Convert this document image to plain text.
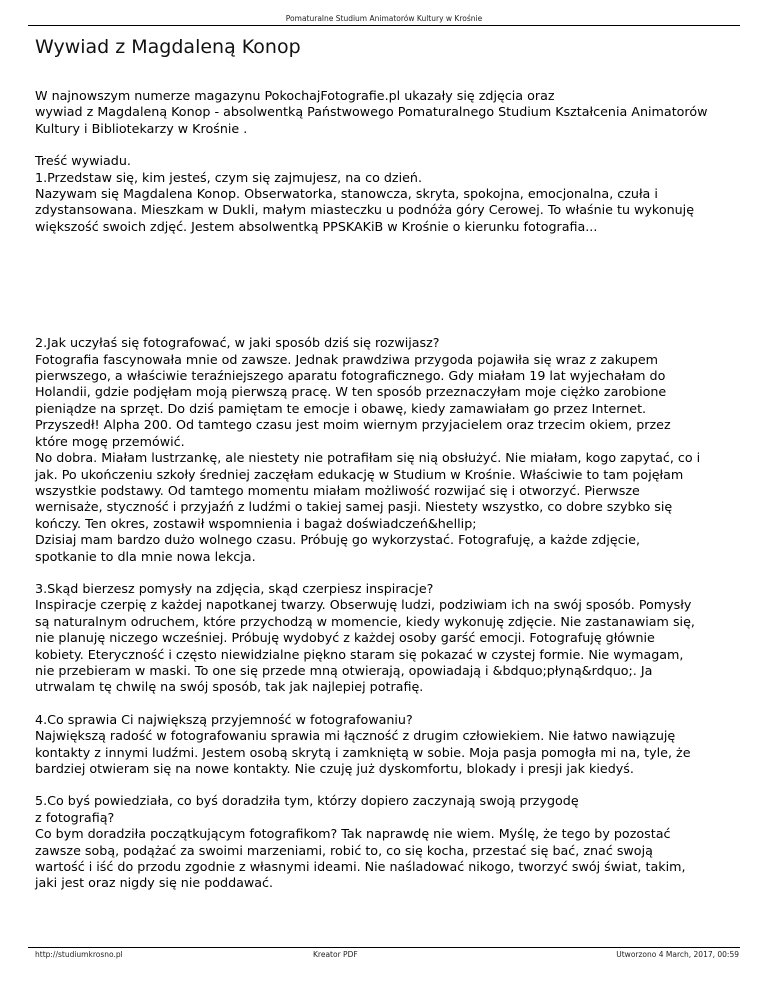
Pomaturalne Studium Animatorów Kultury w Krośnie
Wywiad z Magdaleną Konop

W najnowszym numerze magazynu PokochajFotografie.pl ukazały się zdjęcia oraz
wywiad z Magdaleną Konop - absolwentką Państwowego Pomaturalnego Studium Kształcenia Animatorów
Kultury i Bibliotekarzy w Krośnie .

Treść wywiadu.
1.Przedstaw się, kim jesteś, czym się zajmujesz, na co dzień.
Nazywam się Magdalena Konop. Obserwatorka, stanowcza, skryta, spokojna, emocjonalna, czuła i
zdystansowana. Mieszkam w Dukli, małym miasteczku u podnóża góry Cerowej. To właśnie tu wykonuję
większość swoich zdjęć. Jestem absolwentką PPSKAKiB w Krośnie o kierunku fotografia...

2.Jak uczyłaś się fotografować, w jaki sposób dziś się rozwijasz?
Fotografia fascynowała mnie od zawsze. Jednak prawdziwa przygoda pojawiła się wraz z zakupem
pierwszego, a właściwie teraźniejszego aparatu fotograficznego. Gdy miałam 19 lat wyjechałam do
Holandii, gdzie podjęłam moją pierwszą pracę. W ten sposób przeznaczyłam moje ciężko zarobione
pieniądze na sprzęt. Do dziś pamiętam te emocje i obawę, kiedy zamawiałam go przez Internet.
Przyszedł! Alpha 200. Od tamtego czasu jest moim wiernym przyjacielem oraz trzecim okiem, przez
które mogę przemówić.
No dobra. Miałam lustrzankę, ale niestety nie potrafiłam się nią obsłużyć. Nie miałam, kogo zapytać, co i
jak. Po ukończeniu szkoły średniej zaczęłam edukację w Studium w Krośnie. Właściwie to tam pojęłam
wszystkie podstawy. Od tamtego momentu miałam możliwość rozwijać się i otworzyć. Pierwsze
wernisaże, styczność i przyjaźń z ludźmi o takiej samej pasji. Niestety wszystko, co dobre szybko się
kończy. Ten okres, zostawił wspomnienia i bagaż doświadczeń&hellip;
Dzisiaj mam bardzo dużo wolnego czasu. Próbuję go wykorzystać. Fotografuję, a każde zdjęcie,
spotkanie to dla mnie nowa lekcja.

3.Skąd bierzesz pomysły na zdjęcia, skąd czerpiesz inspiracje?
Inspiracje czerpię z każdej napotkanej twarzy. Obserwuję ludzi, podziwiam ich na swój sposób. Pomysły
są naturalnym odruchem, które przychodzą w momencie, kiedy wykonuję zdjęcie. Nie zastanawiam się,
nie planuję niczego wcześniej. Próbuję wydobyć z każdej osoby garść emocji. Fotografuję głównie
kobiety. Eteryczność i często niewidzialne piękno staram się pokazać w czystej formie. Nie wymagam,
nie przebieram w maski. To one się przede mną otwierają, opowiadają i &bdquo;płyną&rdquo;. Ja
utrwalam tę chwilę na swój sposób, tak jak najlepiej potrafię.

4.Co sprawia Ci największą przyjemność w fotografowaniu?
Największą radość w fotografowaniu sprawia mi łączność z drugim człowiekiem. Nie łatwo nawiązuję
kontakty z innymi ludźmi. Jestem osobą skrytą i zamkniętą w sobie. Moja pasja pomogła mi na, tyle, że
bardziej otwieram się na nowe kontakty. Nie czuję już dyskomfortu, blokady i presji jak kiedyś.

5.Co byś powiedziała, co byś doradziła tym, którzy dopiero zaczynają swoją przygodę
z fotografią?
Co bym doradziła początkującym fotografikom? Tak naprawdę nie wiem. Myślę, że tego by pozostać
zawsze sobą, podążać za swoimi marzeniami, robić to, co się kocha, przestać się bać, znać swoją
wartość i iść do przodu zgodnie z własnymi ideami. Nie naśladować nikogo, tworzyć swój świat, takim,
jaki jest oraz nigdy się nie poddawać.

http://studiumkrosno.pl	Kreator PDF	Utworzono 4 March, 2017, 00:59
